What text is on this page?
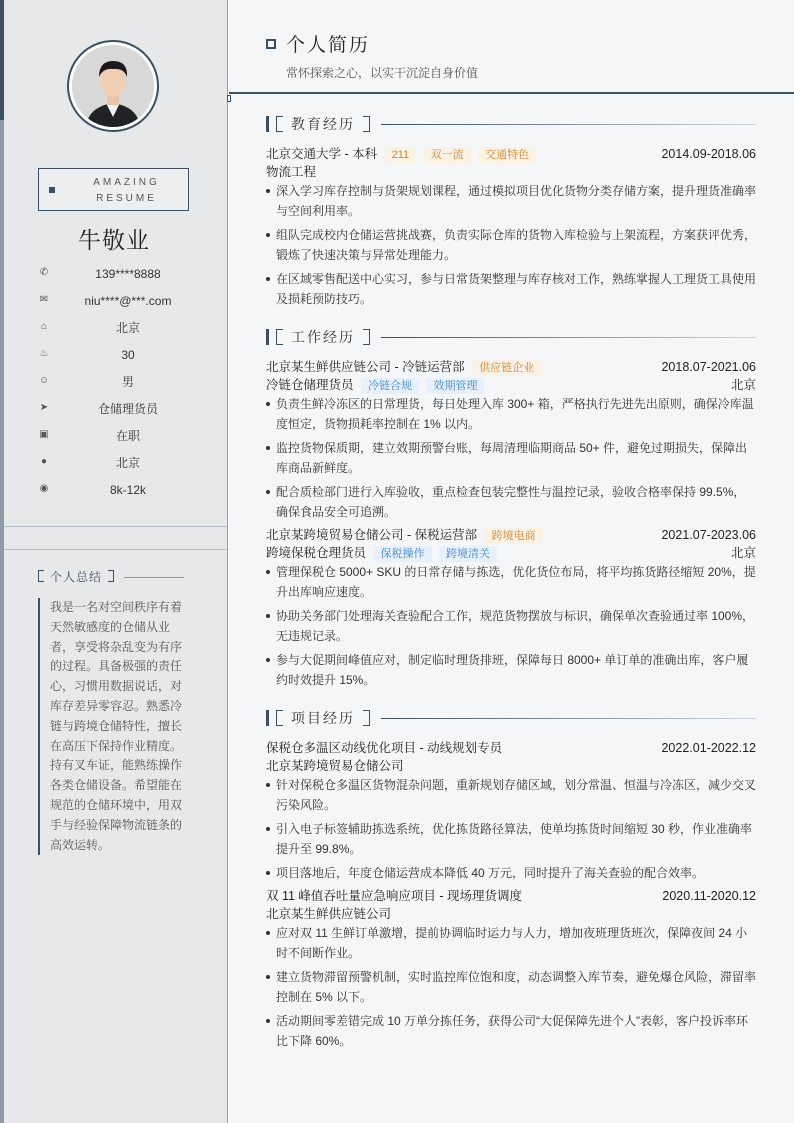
AMAZING
RESUME
牛敬业
✆	139****8888
✉	niu****@***.com
⌂	北京
♨	30
☺	男
➤	仓储理货员
▣	在职
●	北京
◉	8k-12k
个人总结
我是一名对空间秩序有着天然敏感度的仓储从业者，享受将杂乱变为有序的过程。具备极强的责任心，习惯用数据说话，对库存差异零容忍。熟悉冷链与跨境仓储特性，擅长在高压下保持作业精度。持有叉车证，能熟练操作各类仓储设备。希望能在规范的仓储环境中，用双手与经验保障物流链条的高效运转。
个人简历
常怀探索之心，以实干沉淀自身价值
教育经历
北京交通大学 - 本科 211 双一流 交通特色	2014.09-2018.06
物流工程
深入学习库存控制与货架规划课程，通过模拟项目优化货物分类存储方案，提升理货准确率与空间利用率。
组队完成校内仓储运营挑战赛，负责实际仓库的货物入库检验与上架流程，方案获评优秀，锻炼了快速决策与异常处理能力。
在区域零售配送中心实习，参与日常货架整理与库存核对工作，熟练掌握人工理货工具使用及损耗预防技巧。
工作经历
北京某生鲜供应链公司 - 冷链运营部 供应链企业	2018.07-2021.06
冷链仓储理货员 冷链合规 效期管理	北京
负责生鲜冷冻区的日常理货，每日处理入库 300+ 箱，严格执行先进先出原则，确保冷库温度恒定，货物损耗率控制在 1% 以内。
监控货物保质期，建立效期预警台账，每周清理临期商品 50+ 件，避免过期损失，保障出库商品新鲜度。
配合质检部门进行入库验收，重点检查包装完整性与温控记录，验收合格率保持 99.5%，确保食品安全可追溯。
北京某跨境贸易仓储公司 - 保税运营部 跨境电商	2021.07-2023.06
跨境保税仓理货员 保税操作 跨境清关	北京
管理保税仓 5000+ SKU 的日常存储与拣选，优化货位布局，将平均拣货路径缩短 20%，提升出库响应速度。
协助关务部门处理海关查验配合工作，规范货物摆放与标识，确保单次查验通过率 100%，无违规记录。
参与大促期间峰值应对，制定临时理货排班，保障每日 8000+ 单订单的准确出库，客户履约时效提升 15%。
项目经历
保税仓多温区动线优化项目 - 动线规划专员	2022.01-2022.12
北京某跨境贸易仓储公司
针对保税仓多温区货物混杂问题，重新规划存储区域，划分常温、恒温与冷冻区，减少交叉污染风险。
引入电子标签辅助拣选系统，优化拣货路径算法，使单均拣货时间缩短 30 秒，作业准确率提升至 99.8%。
项目落地后，年度仓储运营成本降低 40 万元，同时提升了海关查验的配合效率。
双 11 峰值吞吐量应急响应项目 - 现场理货调度	2020.11-2020.12
北京某生鲜供应链公司
应对双 11 生鲜订单激增，提前协调临时运力与人力，增加夜班理货班次，保障夜间 24 小时不间断作业。
建立货物滞留预警机制，实时监控库位饱和度，动态调整入库节奏，避免爆仓风险，滞留率控制在 5% 以下。
活动期间零差错完成 10 万单分拣任务，获得公司“大促保障先进个人”表彰，客户投诉率环比下降 60%。
